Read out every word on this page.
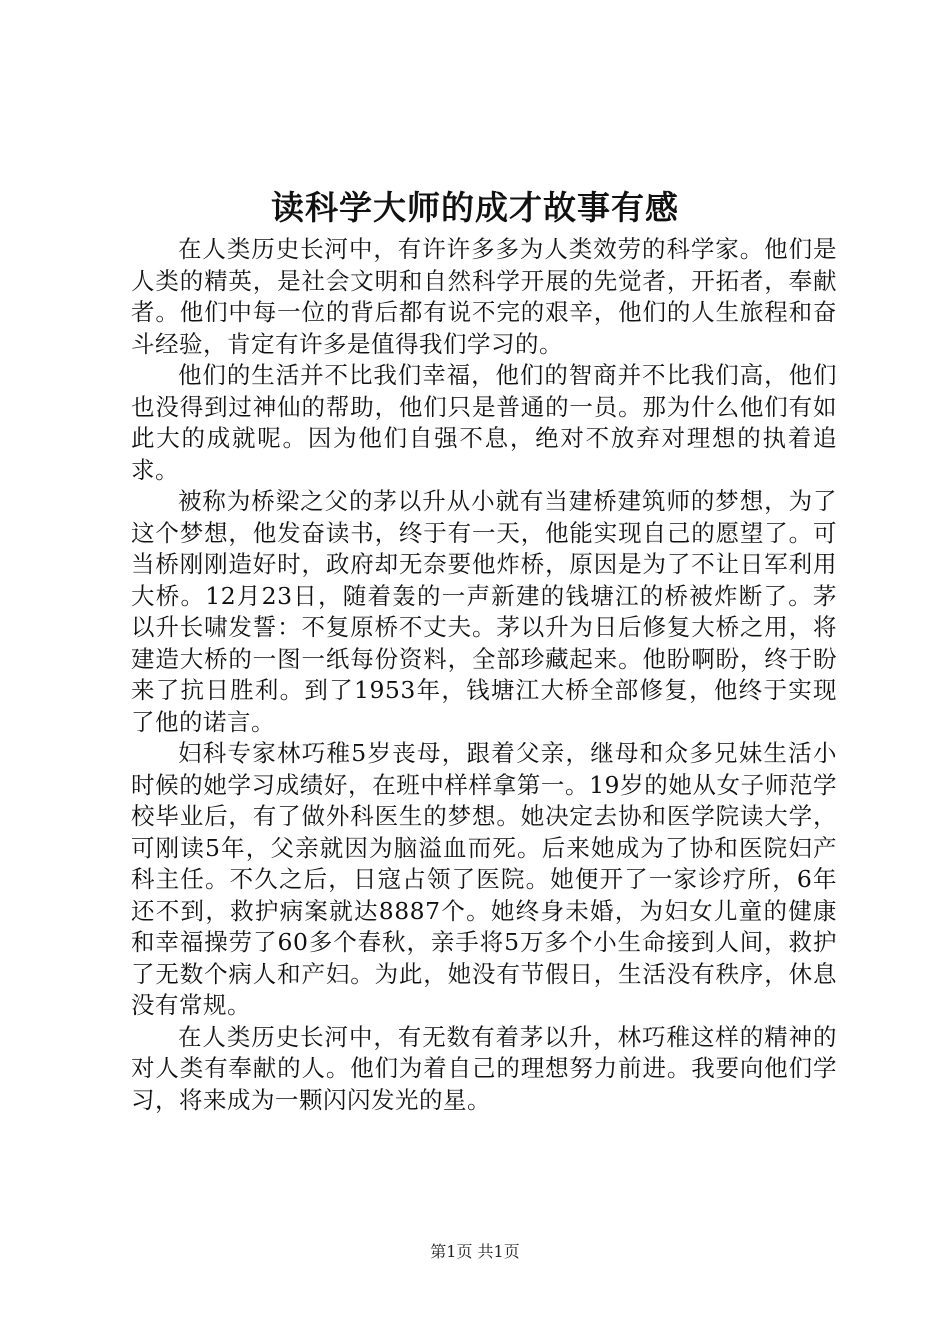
读科学大师的成才故事有感

在人类历史长河中，有许许多多为人类效劳的科学家。他们是人类的精英，是社会文明和自然科学开展的先觉者，开拓者，奉献者。他们中每一位的背后都有说不完的艰辛，他们的人生旅程和奋斗经验，肯定有许多是值得我们学习的。

他们的生活并不比我们幸福，他们的智商并不比我们高，他们也没得到过神仙的帮助，他们只是普通的一员。那为什么他们有如此大的成就呢。因为他们自强不息，绝对不放弃对理想的执着追求。

被称为桥梁之父的茅以升从小就有当建桥建筑师的梦想，为了这个梦想，他发奋读书，终于有一天，他能实现自己的愿望了。可当桥刚刚造好时，政府却无奈要他炸桥，原因是为了不让日军利用大桥。12月23日，随着轰的一声新建的钱塘江的桥被炸断了。茅以升长啸发誓：不复原桥不丈夫。茅以升为日后修复大桥之用，将建造大桥的一图一纸每份资料，全部珍藏起来。他盼啊盼，终于盼来了抗日胜利。到了1953年，钱塘江大桥全部修复，他终于实现了他的诺言。

妇科专家林巧稚5岁丧母，跟着父亲，继母和众多兄妹生活小时候的她学习成绩好，在班中样样拿第一。19岁的她从女子师范学校毕业后，有了做外科医生的梦想。她决定去协和医学院读大学，可刚读5年，父亲就因为脑溢血而死。后来她成为了协和医院妇产科主任。不久之后，日寇占领了医院。她便开了一家诊疗所，6年还不到，救护病案就达8887个。她终身未婚，为妇女儿童的健康和幸福操劳了60多个春秋，亲手将5万多个小生命接到人间，救护了无数个病人和产妇。为此，她没有节假日，生活没有秩序，休息没有常规。

在人类历史长河中，有无数有着茅以升，林巧稚这样的精神的对人类有奉献的人。他们为着自己的理想努力前进。我要向他们学习，将来成为一颗闪闪发光的星。

第1页 共1页
